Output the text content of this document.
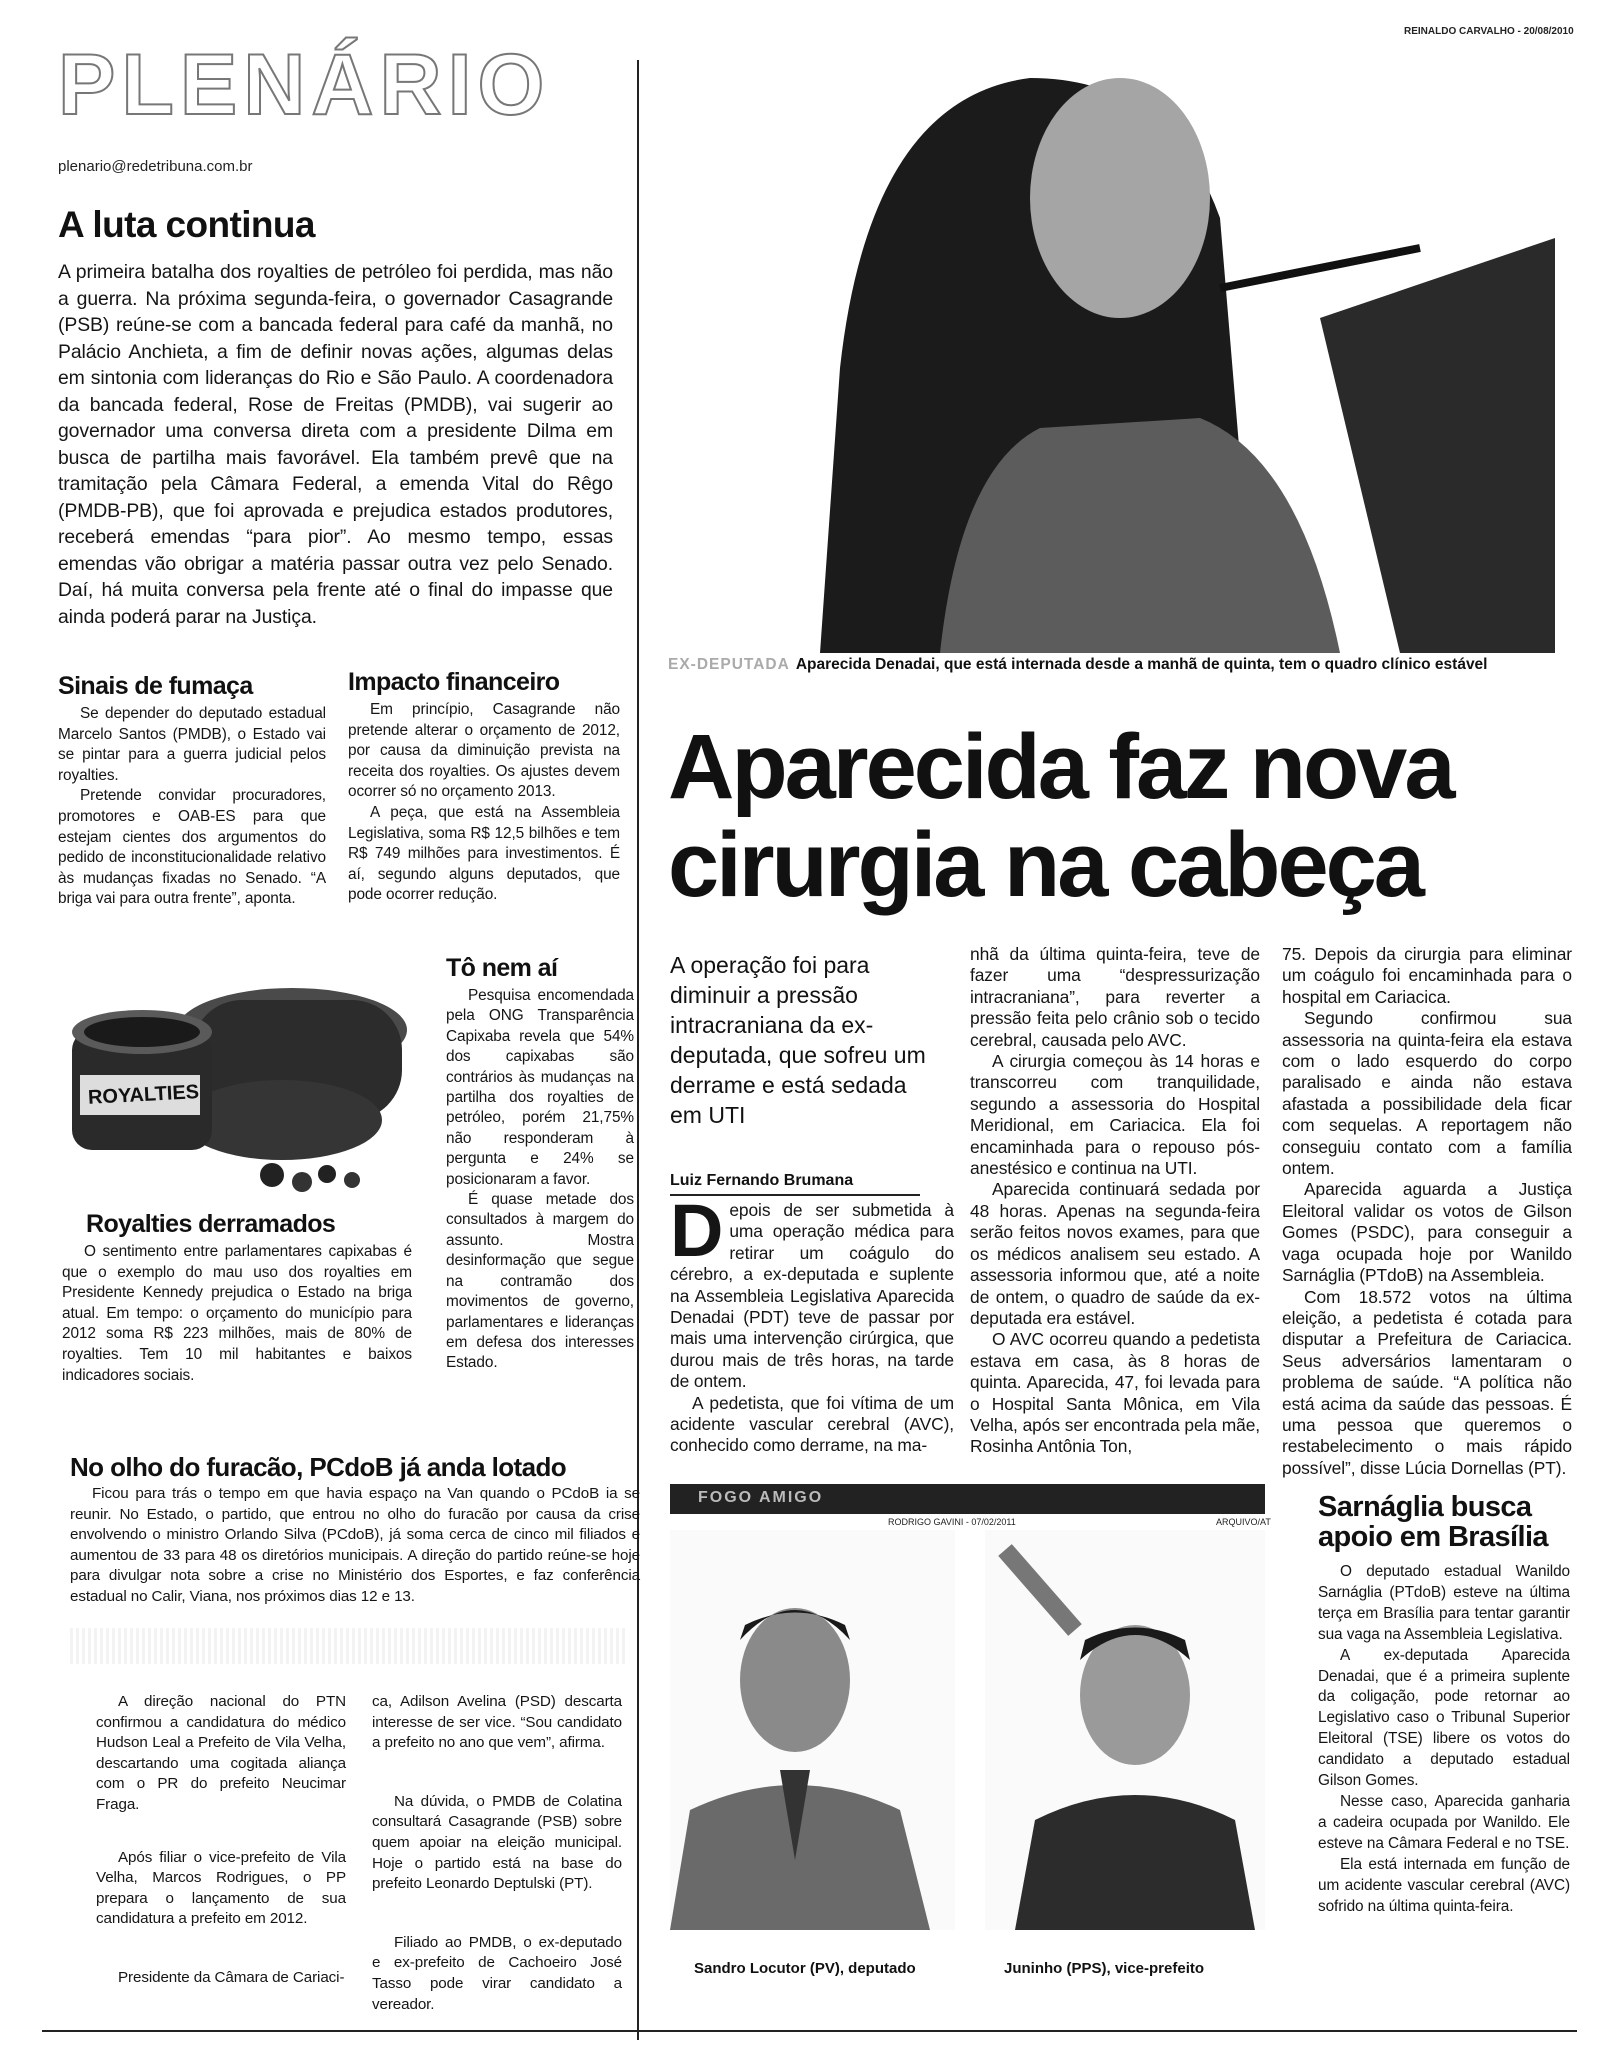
PLENÁRIO
plenario@redetribuna.com.br
A luta continua

A primeira batalha dos royalties de petróleo foi perdida, mas não a guerra. Na próxima segunda-feira, o governador Casagrande (PSB) reúne-se com a bancada federal para café da manhã, no Palácio Anchieta, a fim de definir novas ações, algumas delas em sintonia com lideranças do Rio e São Paulo. A coordenadora da bancada federal, Rose de Freitas (PMDB), vai sugerir ao governador uma conversa direta com a presidente Dilma em busca de partilha mais favorável. Ela também prevê que na tramitação pela Câmara Federal, a emenda Vital do Rêgo (PMDB-PB), que foi aprovada e prejudica estados produtores, receberá emendas “para pior”. Ao mesmo tempo, essas emendas vão obrigar a matéria passar outra vez pelo Senado. Daí, há muita conversa pela frente até o final do impasse que ainda poderá parar na Justiça.

Sinais de fumaça

Se depender do deputado estadual Marcelo Santos (PMDB), o Estado vai se pintar para a guerra judicial pelos royalties.

Pretende convidar procuradores, promotores e OAB-ES para que estejam cientes dos argumentos do pedido de inconstitucionalidade relativo às mudanças fixadas no Senado. “A briga vai para outra frente”, aponta.

Impacto financeiro

Em princípio, Casagrande não pretende alterar o orçamento de 2012, por causa da diminuição prevista na receita dos royalties. Os ajustes devem ocorrer só no orçamento 2013.

A peça, que está na Assembleia Legislativa, soma R$ 12,5 bilhões e tem R$ 749 milhões para investimentos. É aí, segundo alguns deputados, que pode ocorrer redução.

ROYALTIES
Tô nem aí

Pesquisa encomendada pela ONG Transparência Capixaba revela que 54% dos capixabas são contrários às mudanças na partilha dos royalties de petróleo, porém 21,75% não responderam à pergunta e 24% se posicionaram a favor.

É quase metade dos consultados à margem do assunto. Mostra desinformação que segue na contramão dos movimentos de governo, parlamentares e lideranças em defesa dos interesses Estado.

Royalties derramados

O sentimento entre parlamentares capixabas é que o exemplo do mau uso dos royalties em Presidente Kennedy prejudica o Estado na briga atual. Em tempo: o orçamento do município para 2012 soma R$ 223 milhões, mais de 80% de royalties. Tem 10 mil habitantes e baixos indicadores sociais.

No olho do furacão, PCdoB já anda lotado

Ficou para trás o tempo em que havia espaço na Van quando o PCdoB ia se reunir. No Estado, o partido, que entrou no olho do furacão por causa da crise envolvendo o ministro Orlando Silva (PCdoB), já soma cerca de cinco mil filiados e aumentou de 33 para 48 os diretórios municipais. A direção do partido reúne-se hoje para divulgar nota sobre a crise no Ministério dos Esportes, e faz conferência estadual no Calir, Viana, nos próximos dias 12 e 13.

A direção nacional do PTN confirmou a candidatura do médico Hudson Leal a Prefeito de Vila Velha, descartando uma cogitada aliança com o PR do prefeito Neucimar Fraga.

Após filiar o vice-prefeito de Vila Velha, Marcos Rodrigues, o PP prepara o lançamento de sua candidatura a prefeito em 2012.

Presidente da Câmara de Cariaci-

ca, Adilson Avelina (PSD) descarta interesse de ser vice. “Sou candidato a prefeito no ano que vem”, afirma.

Na dúvida, o PMDB de Colatina consultará Casagrande (PSB) sobre quem apoiar na eleição municipal. Hoje o partido está na base do prefeito Leonardo Deptulski (PT).

Filiado ao PMDB, o ex-deputado e ex-prefeito de Cachoeiro José Tasso pode virar candidato a vereador.

REINALDO CARVALHO - 20/08/2010
EX-DEPUTADA Aparecida Denadai, que está internada desde a manhã de quinta, tem o quadro clínico estável
Aparecida faz nova
cirurgia na cabeça
A operação foi para diminuir a pressão intracraniana da ex-deputada, que sofreu um derrame e está sedada em UTI
Luiz Fernando Brumana
D epois de ser submetida à uma operação médica para retirar um coágulo do cérebro, a ex-deputada e suplente na Assembleia Legislativa Aparecida Denadai (PDT) teve de passar por mais uma intervenção cirúrgica, que durou mais de três horas, na tarde de ontem.

A pedetista, que foi vítima de um acidente vascular cerebral (AVC), conhecido como derrame, na ma-

nhã da última quinta-feira, teve de fazer uma “despressurização intracraniana”, para reverter a pressão feita pelo crânio sob o tecido cerebral, causada pelo AVC.

A cirurgia começou às 14 horas e transcorreu com tranquilidade, segundo a assessoria do Hospital Meridional, em Cariacica. Ela foi encaminhada para o repouso pós-anestésico e continua na UTI.

Aparecida continuará sedada por 48 horas. Apenas na segunda-feira serão feitos novos exames, para que os médicos analisem seu estado. A assessoria informou que, até a noite de ontem, o quadro de saúde da ex-deputada era estável.

O AVC ocorreu quando a pedetista estava em casa, às 8 horas de quinta. Aparecida, 47, foi levada para o Hospital Santa Mônica, em Vila Velha, após ser encontrada pela mãe, Rosinha Antônia Ton,

75. Depois da cirurgia para eliminar um coágulo foi encaminhada para o hospital em Cariacica.

Segundo confirmou sua assessoria na quinta-feira ela estava com o lado esquerdo do corpo paralisado e ainda não estava afastada a possibilidade dela ficar com sequelas. A reportagem não conseguiu contato com a família ontem.

Aparecida aguarda a Justiça Eleitoral validar os votos de Gilson Gomes (PSDC), para conseguir a vaga ocupada hoje por Wanildo Sarnáglia (PTdoB) na Assembleia.

Com 18.572 votos na última eleição, a pedetista é cotada para disputar a Prefeitura de Cariacica. Seus adversários lamentaram o problema de saúde. “A política não está acima da saúde das pessoas. É uma pessoa que queremos o restabelecimento o mais rápido possível”, disse Lúcia Dornellas (PT).

FOGO AMIGO
RODRIGO GAVINI - 07/02/2011	ARQUIVO/AT
Sandro Locutor (PV), deputado	Juninho (PPS), vice-prefeito
Sarnáglia busca
apoio em Brasília

O deputado estadual Wanildo Sarnáglia (PTdoB) esteve na última terça em Brasília para tentar garantir sua vaga na Assembleia Legislativa.

A ex-deputada Aparecida Denadai, que é a primeira suplente da coligação, pode retornar ao Legislativo caso o Tribunal Superior Eleitoral (TSE) libere os votos do candidato a deputado estadual Gilson Gomes.

Nesse caso, Aparecida ganharia a cadeira ocupada por Wanildo. Ele esteve na Câmara Federal e no TSE.

Ela está internada em função de um acidente vascular cerebral (AVC) sofrido na última quinta-feira.
